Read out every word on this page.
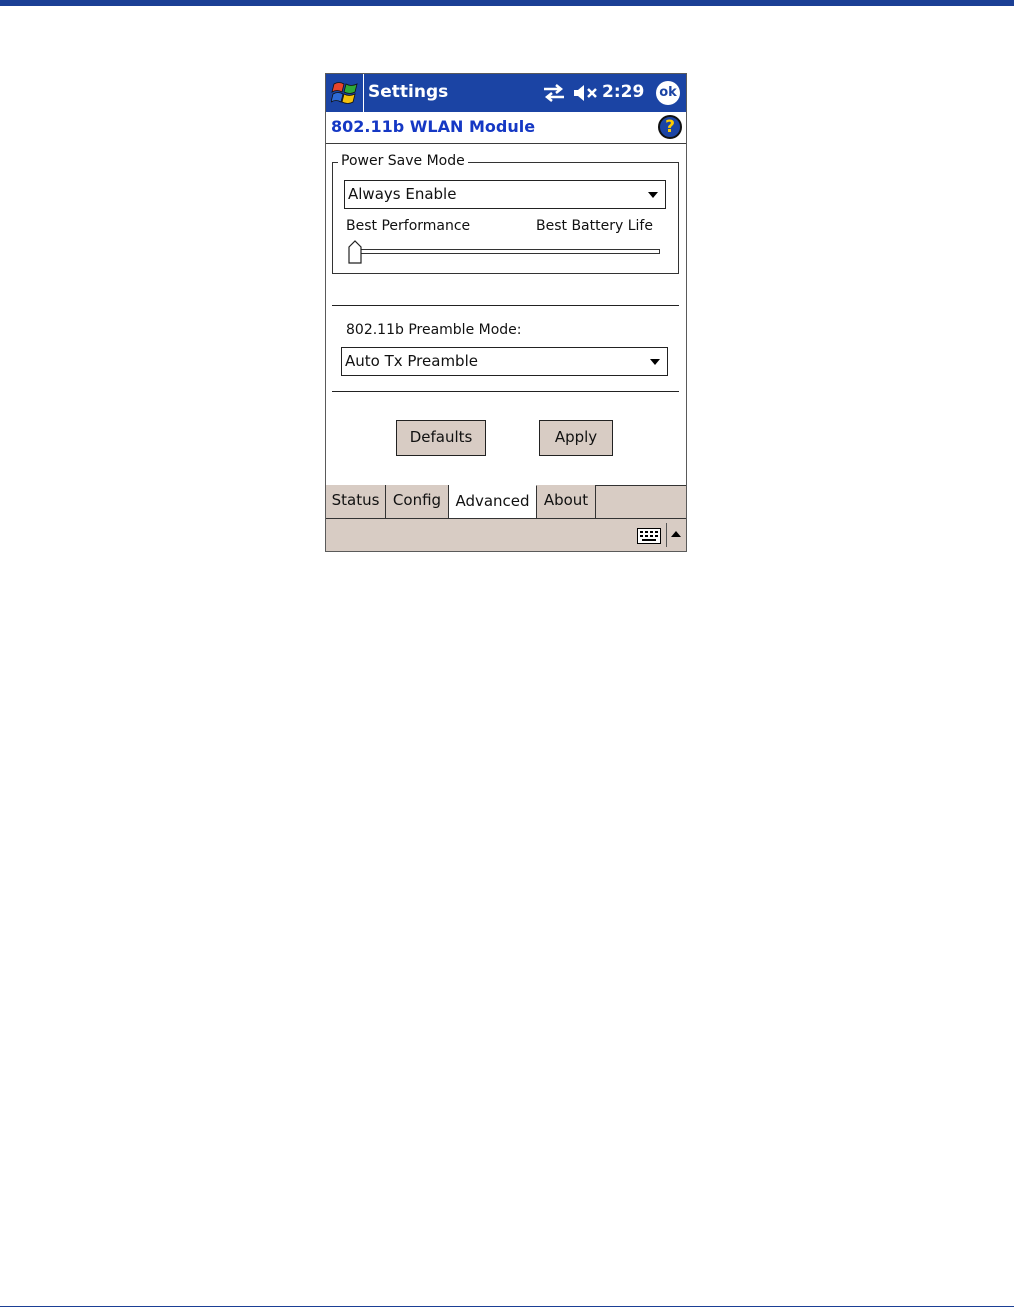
Settings	2:29 ok
802.11b WLAN Module	?
Power Save Mode
Always Enable
Best Performance	Best Battery Life
802.11b Preamble Mode:
Auto Tx Preamble
Defaults	Apply
Status Config Advanced About
